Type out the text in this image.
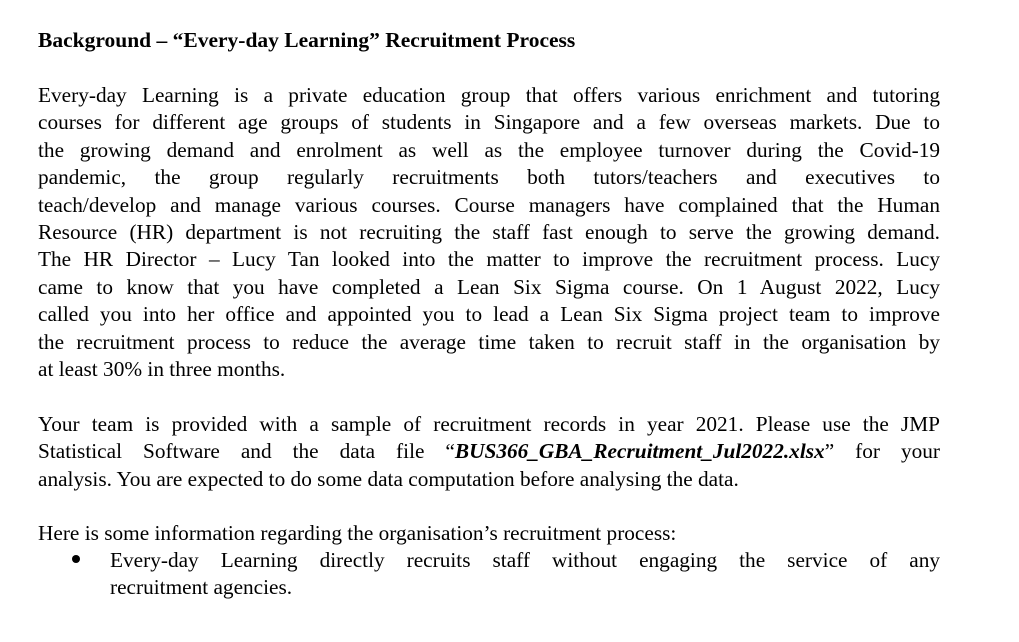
Background – “Every-day Learning” Recruitment Process
Every-day Learning is a private education group that offers various enrichment and tutoring
courses for different age groups of students in Singapore and a few overseas markets. Due to
the growing demand and enrolment as well as the employee turnover during the Covid-19
pandemic, the group regularly recruitments both tutors/teachers and executives to
teach/develop and manage various courses. Course managers have complained that the Human
Resource (HR) department is not recruiting the staff fast enough to serve the growing demand.
The HR Director – Lucy Tan looked into the matter to improve the recruitment process. Lucy
came to know that you have completed a Lean Six Sigma course. On 1 August 2022, Lucy
called you into her office and appointed you to lead a Lean Six Sigma project team to improve
the recruitment process to reduce the average time taken to recruit staff in the organisation by
at least 30% in three months.
Your team is provided with a sample of recruitment records in year 2021. Please use the JMP
Statistical Software and the data file “BUS366_GBA_Recruitment_Jul2022.xlsx” for your
analysis. You are expected to do some data computation before analysing the data.
Here is some information regarding the organisation’s recruitment process:
Every-day Learning directly recruits staff without engaging the service of any
recruitment agencies.
